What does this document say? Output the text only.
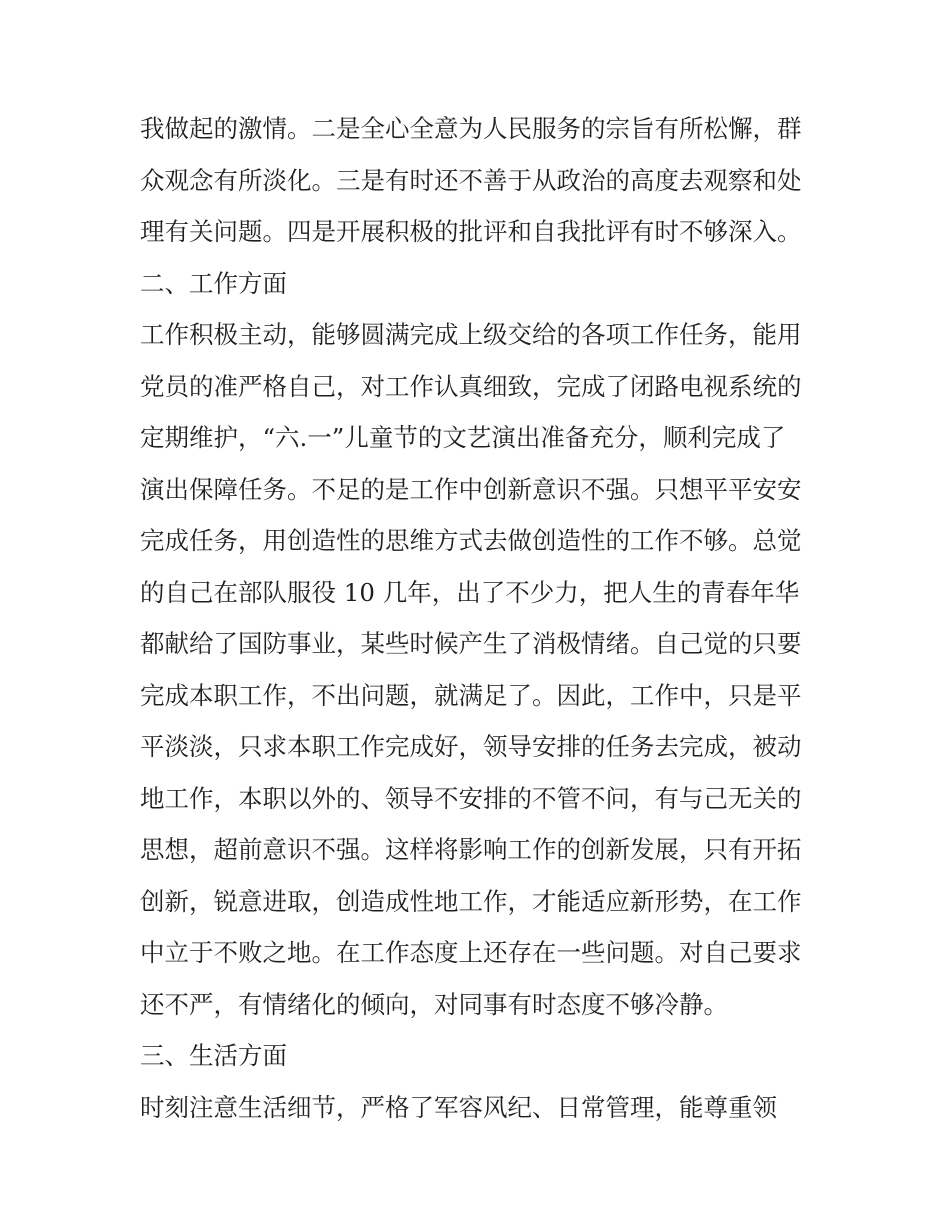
我做起的激情。二是全心全意为人民服务的宗旨有所松懈，群
众观念有所淡化。三是有时还不善于从政治的高度去观察和处
理有关问题。四是开展积极的批评和自我批评有时不够深入。
二、工作方面
工作积极主动，能够圆满完成上级交给的各项工作任务，能用
党员的准严格自己，对工作认真细致，完成了闭路电视系统的
定期维护，“六.一”儿童节的文艺演出准备充分，顺利完成了
演出保障任务。不足的是工作中创新意识不强。只想平平安安
完成任务，用创造性的思维方式去做创造性的工作不够。总觉
的自己在部队服役 10 几年，出了不少力，把人生的青春年华
都献给了国防事业，某些时候产生了消极情绪。自己觉的只要
完成本职工作，不出问题，就满足了。因此，工作中，只是平
平淡淡，只求本职工作完成好，领导安排的任务去完成，被动
地工作，本职以外的、领导不安排的不管不问，有与己无关的
思想，超前意识不强。这样将影响工作的创新发展，只有开拓
创新，锐意进取，创造成性地工作，才能适应新形势，在工作
中立于不败之地。在工作态度上还存在一些问题。对自己要求
还不严，有情绪化的倾向，对同事有时态度不够冷静。
三、生活方面
时刻注意生活细节，严格了军容风纪、日常管理，能尊重领
